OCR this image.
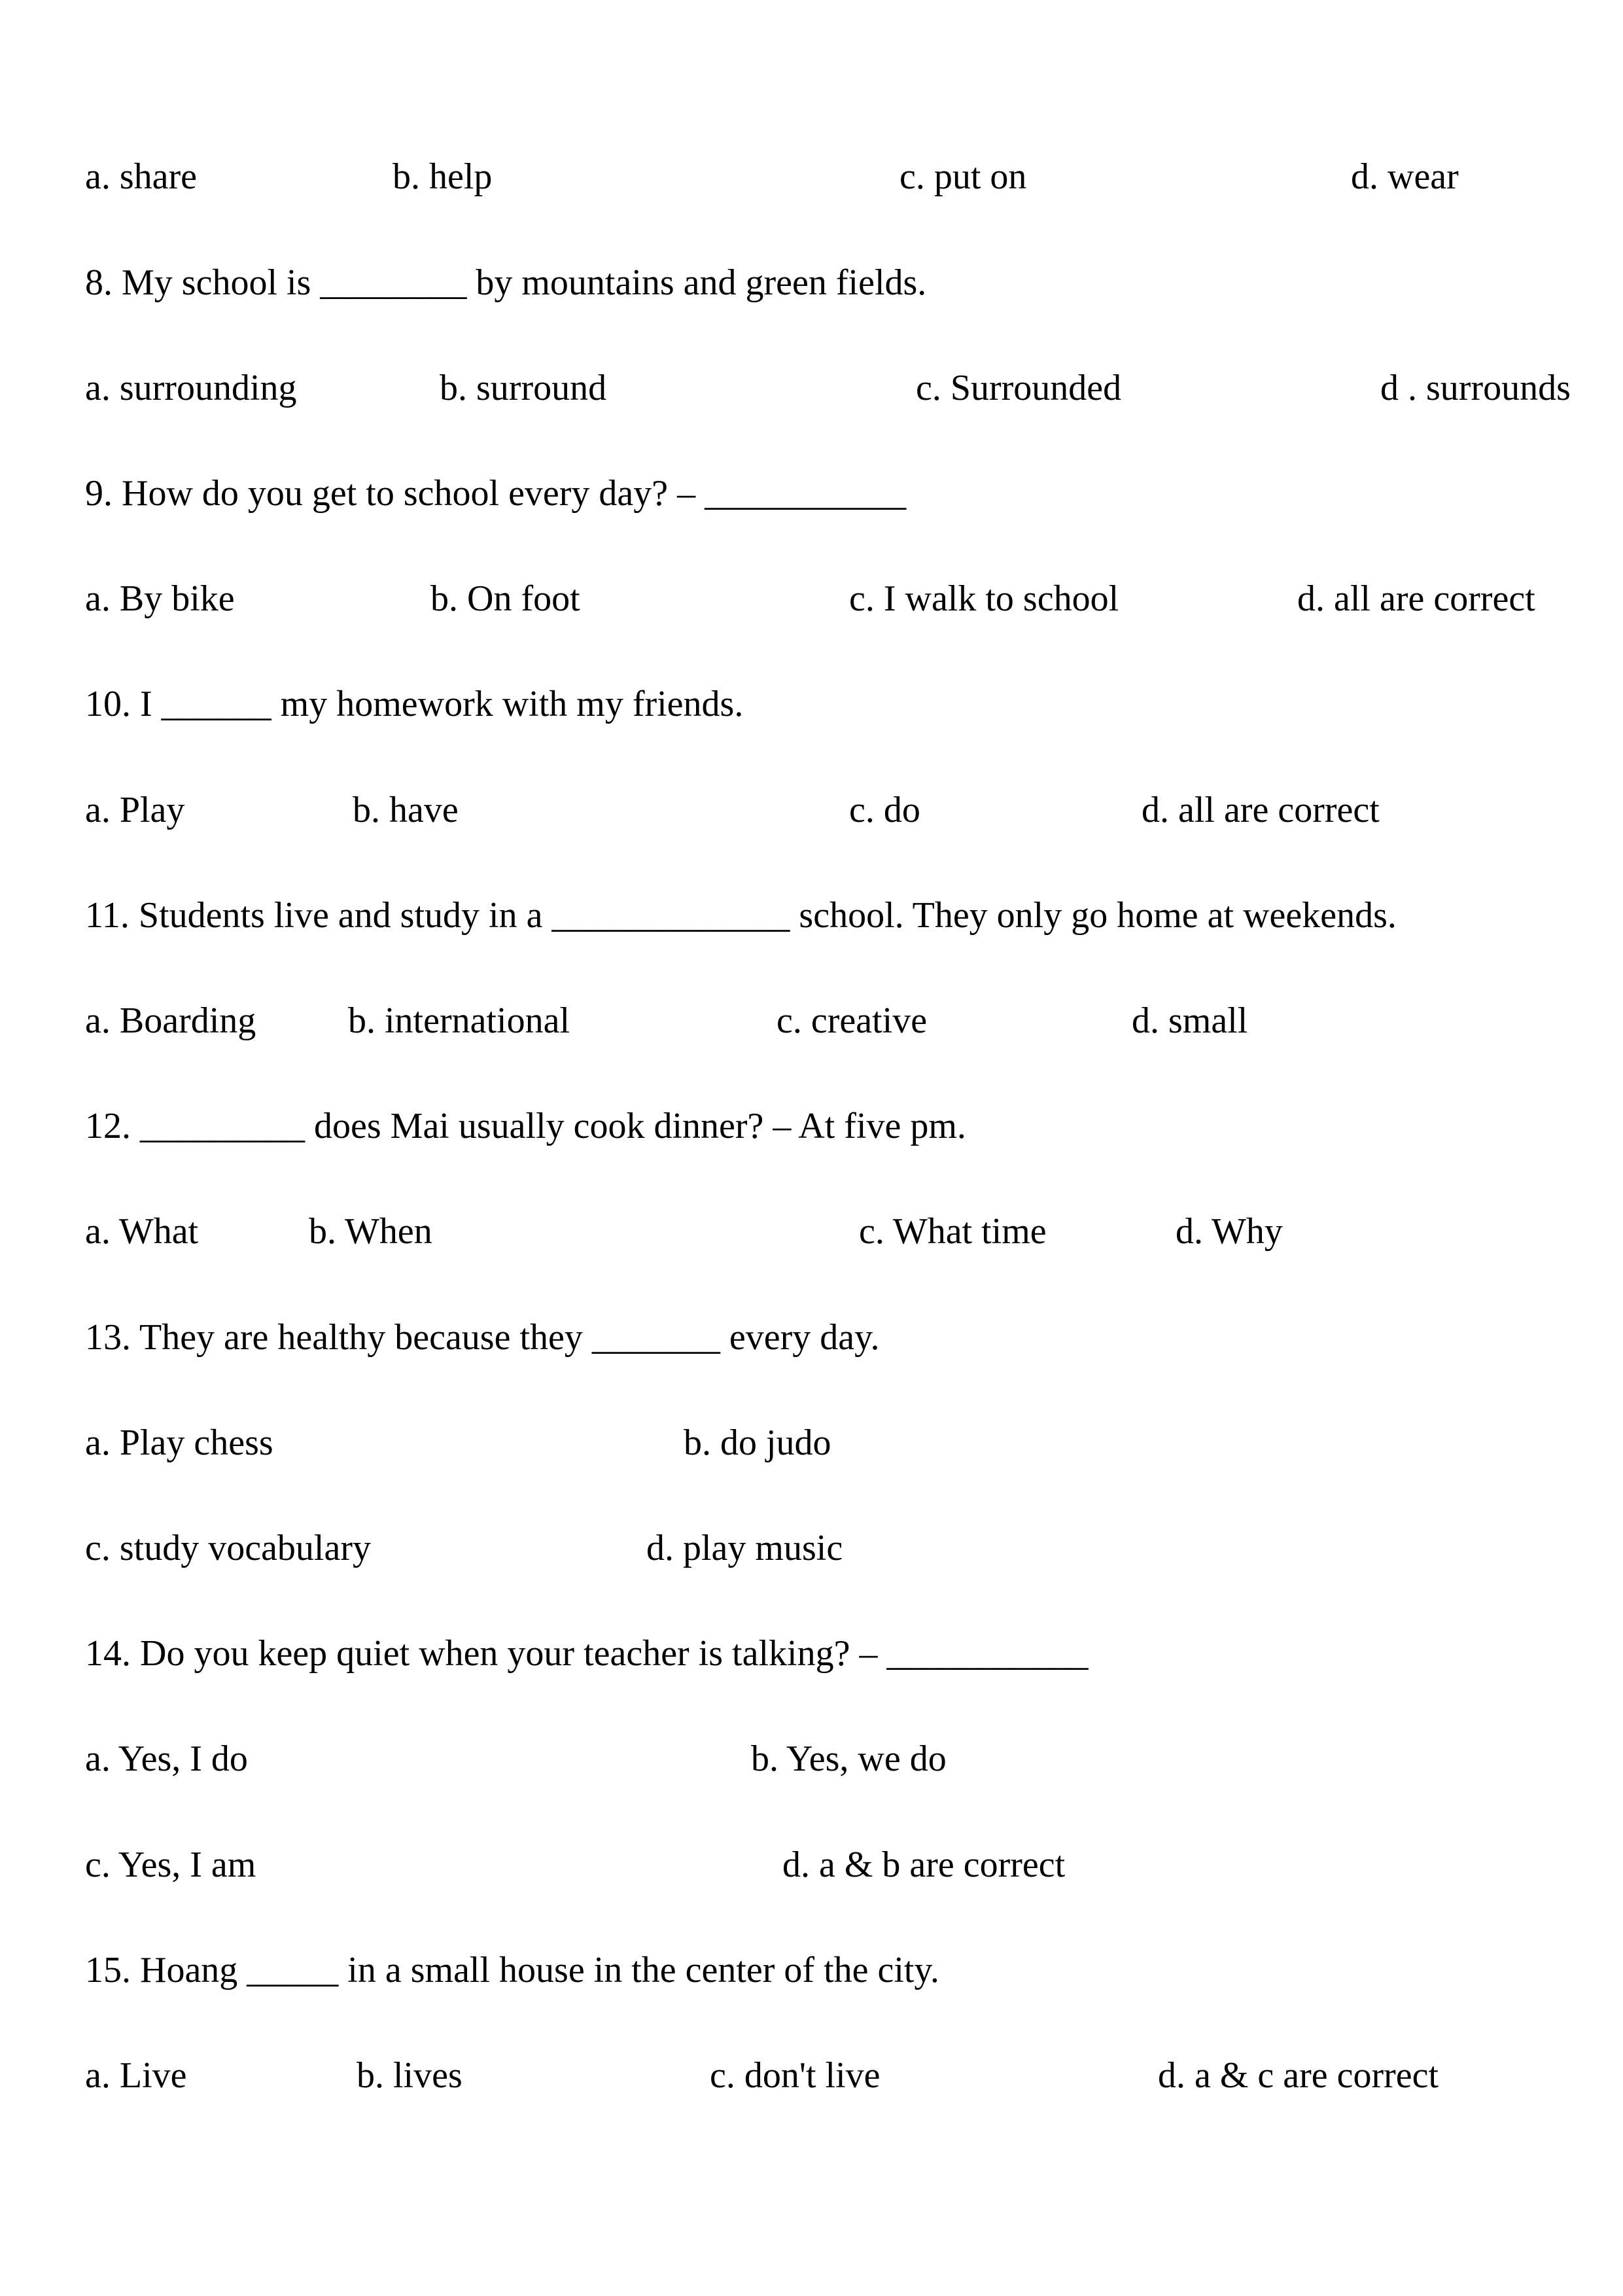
a. share	b. help	c. put on	d. wear
8. My school is ________ by mountains and green fields.
a. surrounding	b. surround	c. Surrounded	d . surrounds
9. How do you get to school every day? – ___________
a. By bike	b. On foot	c. I walk to school	d. all are correct
10. I ______ my homework with my friends.
a. Play	b. have	c. do	d. all are correct
11. Students live and study in a _____________ school. They only go home at weekends.
a. Boarding	b. international	c. creative	d. small
12. _________ does Mai usually cook dinner? – At five pm.
a. What	b. When	c. What time	d. Why
13. They are healthy because they _______ every day.
a. Play chess	b. do judo
c. study vocabulary	d. play music
14. Do you keep quiet when your teacher is talking? – ___________
a. Yes, I do	b. Yes, we do
c. Yes, I am	d. a & b are correct
15. Hoang _____ in a small house in the center of the city.
a. Live	b. lives	c. don't live	d. a & c are correct
